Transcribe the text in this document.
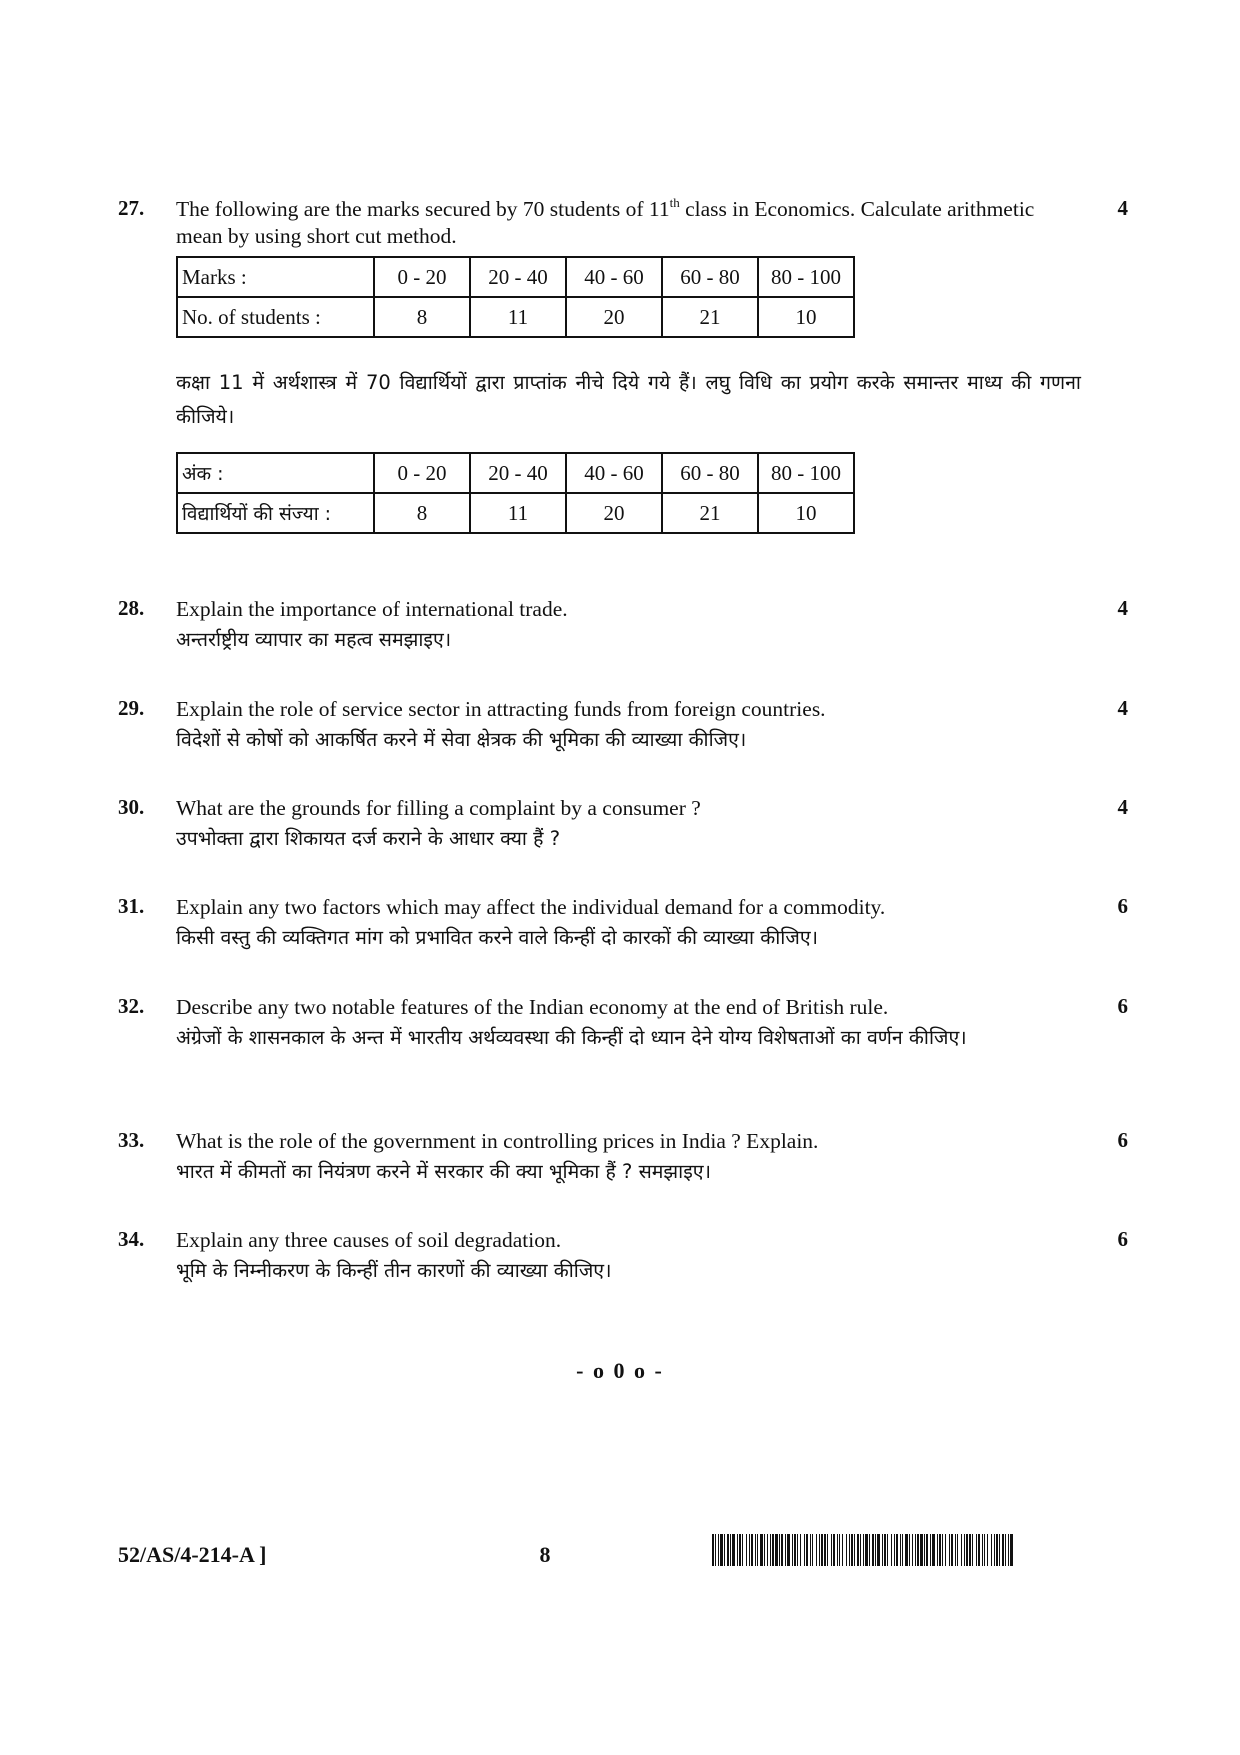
27.	4

The following are the marks secured by 70 students of 11th class in Economics. Calculate arithmetic mean by using short cut method.

Marks :	0 - 20	20 - 40	40 - 60	60 - 80	80 - 100
No. of students :	8	11	20	21	10

कक्षा 11 में अर्थशास्त्र में 70 विद्यार्थियों द्वारा प्राप्तांक नीचे दिये गये हैं। लघु विधि का प्रयोग करके समान्तर माध्य की गणना कीजिये।

अंक :	0 - 20	20 - 40	40 - 60	60 - 80	80 - 100
विद्यार्थियों की संज्या :	8	11	20	21	10
28.	4

Explain the importance of international trade.

अन्तर्राष्ट्रीय व्यापार का महत्व समझाइए।

29.	4

Explain the role of service sector in attracting funds from foreign countries.

विदेशों से कोषों को आकर्षित करने में सेवा क्षेत्रक की भूमिका की व्याख्या कीजिए।

30.	4

What are the grounds for filling a complaint by a consumer ?

उपभोक्ता द्वारा शिकायत दर्ज कराने के आधार क्या हैं ?

31.	6

Explain any two factors which may affect the individual demand for a commodity.

किसी वस्तु की व्यक्तिगत मांग को प्रभावित करने वाले किन्हीं दो कारकों की व्याख्या कीजिए।

32.	6

Describe any two notable features of the Indian economy at the end of British rule.

अंग्रेजों के शासनकाल के अन्त में भारतीय अर्थव्यवस्था की किन्हीं दो ध्यान देने योग्य विशेषताओं का वर्णन कीजिए।

33.	6

What is the role of the government in controlling prices in India ? Explain.

भारत में कीमतों का नियंत्रण करने में सरकार की क्या भूमिका हैं ? समझाइए।

34.	6

Explain any three causes of soil degradation.

भूमि के निम्नीकरण के किन्हीं तीन कारणों की व्याख्या कीजिए।

- o 0 o -
52/AS/4-214-A ]	8
